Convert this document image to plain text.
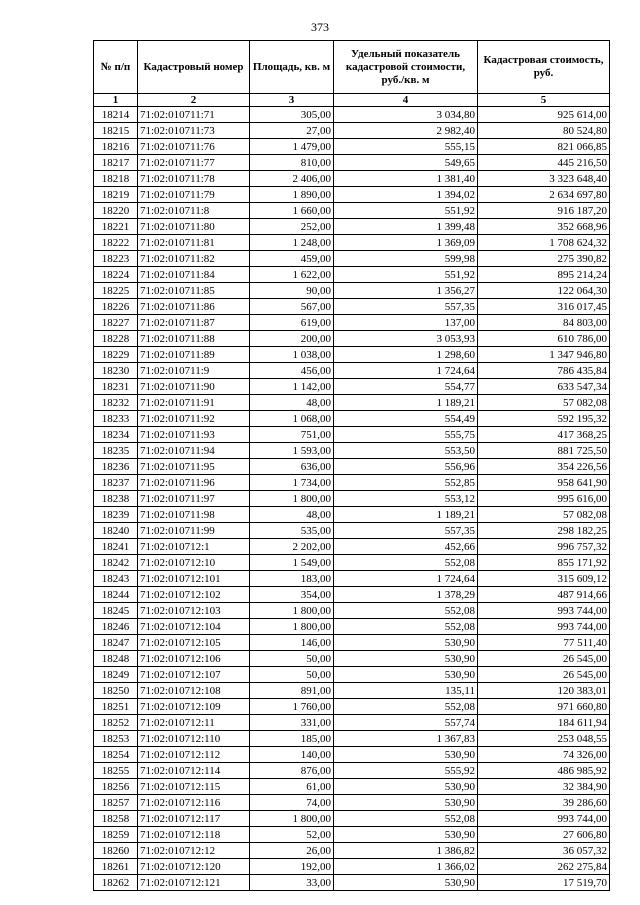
373
№ п/п	Кадастровый номер	Площадь, кв. м	Удельный показатель кадастровой стоимости, руб./кв. м	Кадастровая стоимость, руб.
1	2	3	4	5
18214	71:02:010711:71	305,00	3 034,80	925 614,00
18215	71:02:010711:73	27,00	2 982,40	80 524,80
18216	71:02:010711:76	1 479,00	555,15	821 066,85
18217	71:02:010711:77	810,00	549,65	445 216,50
18218	71:02:010711:78	2 406,00	1 381,40	3 323 648,40
18219	71:02:010711:79	1 890,00	1 394,02	2 634 697,80
18220	71:02:010711:8	1 660,00	551,92	916 187,20
18221	71:02:010711:80	252,00	1 399,48	352 668,96
18222	71:02:010711:81	1 248,00	1 369,09	1 708 624,32
18223	71:02:010711:82	459,00	599,98	275 390,82
18224	71:02:010711:84	1 622,00	551,92	895 214,24
18225	71:02:010711:85	90,00	1 356,27	122 064,30
18226	71:02:010711:86	567,00	557,35	316 017,45
18227	71:02:010711:87	619,00	137,00	84 803,00
18228	71:02:010711:88	200,00	3 053,93	610 786,00
18229	71:02:010711:89	1 038,00	1 298,60	1 347 946,80
18230	71:02:010711:9	456,00	1 724,64	786 435,84
18231	71:02:010711:90	1 142,00	554,77	633 547,34
18232	71:02:010711:91	48,00	1 189,21	57 082,08
18233	71:02:010711:92	1 068,00	554,49	592 195,32
18234	71:02:010711:93	751,00	555,75	417 368,25
18235	71:02:010711:94	1 593,00	553,50	881 725,50
18236	71:02:010711:95	636,00	556,96	354 226,56
18237	71:02:010711:96	1 734,00	552,85	958 641,90
18238	71:02:010711:97	1 800,00	553,12	995 616,00
18239	71:02:010711:98	48,00	1 189,21	57 082,08
18240	71:02:010711:99	535,00	557,35	298 182,25
18241	71:02:010712:1	2 202,00	452,66	996 757,32
18242	71:02:010712:10	1 549,00	552,08	855 171,92
18243	71:02:010712:101	183,00	1 724,64	315 609,12
18244	71:02:010712:102	354,00	1 378,29	487 914,66
18245	71:02:010712:103	1 800,00	552,08	993 744,00
18246	71:02:010712:104	1 800,00	552,08	993 744,00
18247	71:02:010712:105	146,00	530,90	77 511,40
18248	71:02:010712:106	50,00	530,90	26 545,00
18249	71:02:010712:107	50,00	530,90	26 545,00
18250	71:02:010712:108	891,00	135,11	120 383,01
18251	71:02:010712:109	1 760,00	552,08	971 660,80
18252	71:02:010712:11	331,00	557,74	184 611,94
18253	71:02:010712:110	185,00	1 367,83	253 048,55
18254	71:02:010712:112	140,00	530,90	74 326,00
18255	71:02:010712:114	876,00	555,92	486 985,92
18256	71:02:010712:115	61,00	530,90	32 384,90
18257	71:02:010712:116	74,00	530,90	39 286,60
18258	71:02:010712:117	1 800,00	552,08	993 744,00
18259	71:02:010712:118	52,00	530,90	27 606,80
18260	71:02:010712:12	26,00	1 386,82	36 057,32
18261	71:02:010712:120	192,00	1 366,02	262 275,84
18262	71:02:010712:121	33,00	530,90	17 519,70
